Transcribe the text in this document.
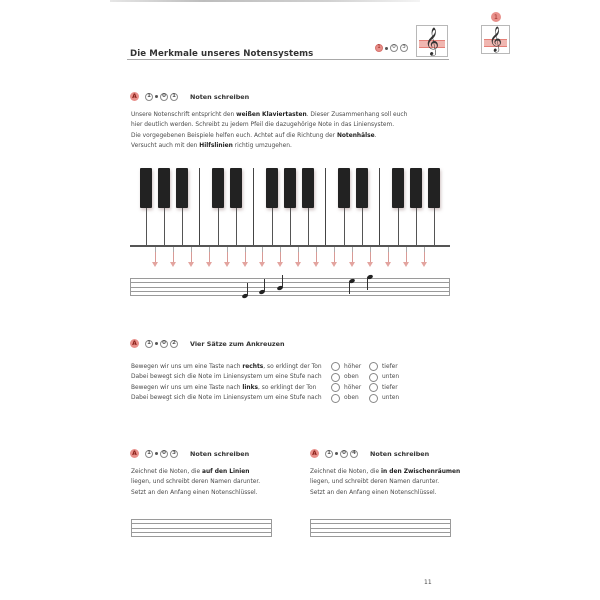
Die Merkmale unseres Notensystems
1	0	3 𝄞
1
𝄞
A	1	0	1	Noten schreiben
Unsere Notenschrift entspricht den weißen Klaviertasten. Dieser Zusammenhang soll euch
hier deutlich werden. Schreibt zu jedem Pfeil die dazugehörige Note in das Liniensystem.
Die vorgegebenen Beispiele helfen euch. Achtet auf die Richtung der Notenhälse.
Versucht auch mit den Hilfslinien richtig umzugehen.
A	1	0	2	Vier Sätze zum Ankreuzen
Bewegen wir uns um eine Taste nach rechts, so erklingt der Ton	höher	tiefer
Dabei bewegt sich die Note im Liniensystem um eine Stufe nach	oben	unten
Bewegen wir uns um eine Taste nach links, so erklingt der Ton	höher	tiefer
Dabei bewegt sich die Note im Liniensystem um eine Stufe nach	oben	unten
A	1	0	3	Noten schreiben
Zeichnet die Noten, die auf den Linien
liegen, und schreibt deren Namen darunter.
Setzt an den Anfang einen Notenschlüssel.
A	1	0	4	Noten schreiben
Zeichnet die Noten, die in den Zwischenräumen
liegen, und schreibt deren Namen darunter.
Setzt an den Anfang einen Notenschlüssel.
11
